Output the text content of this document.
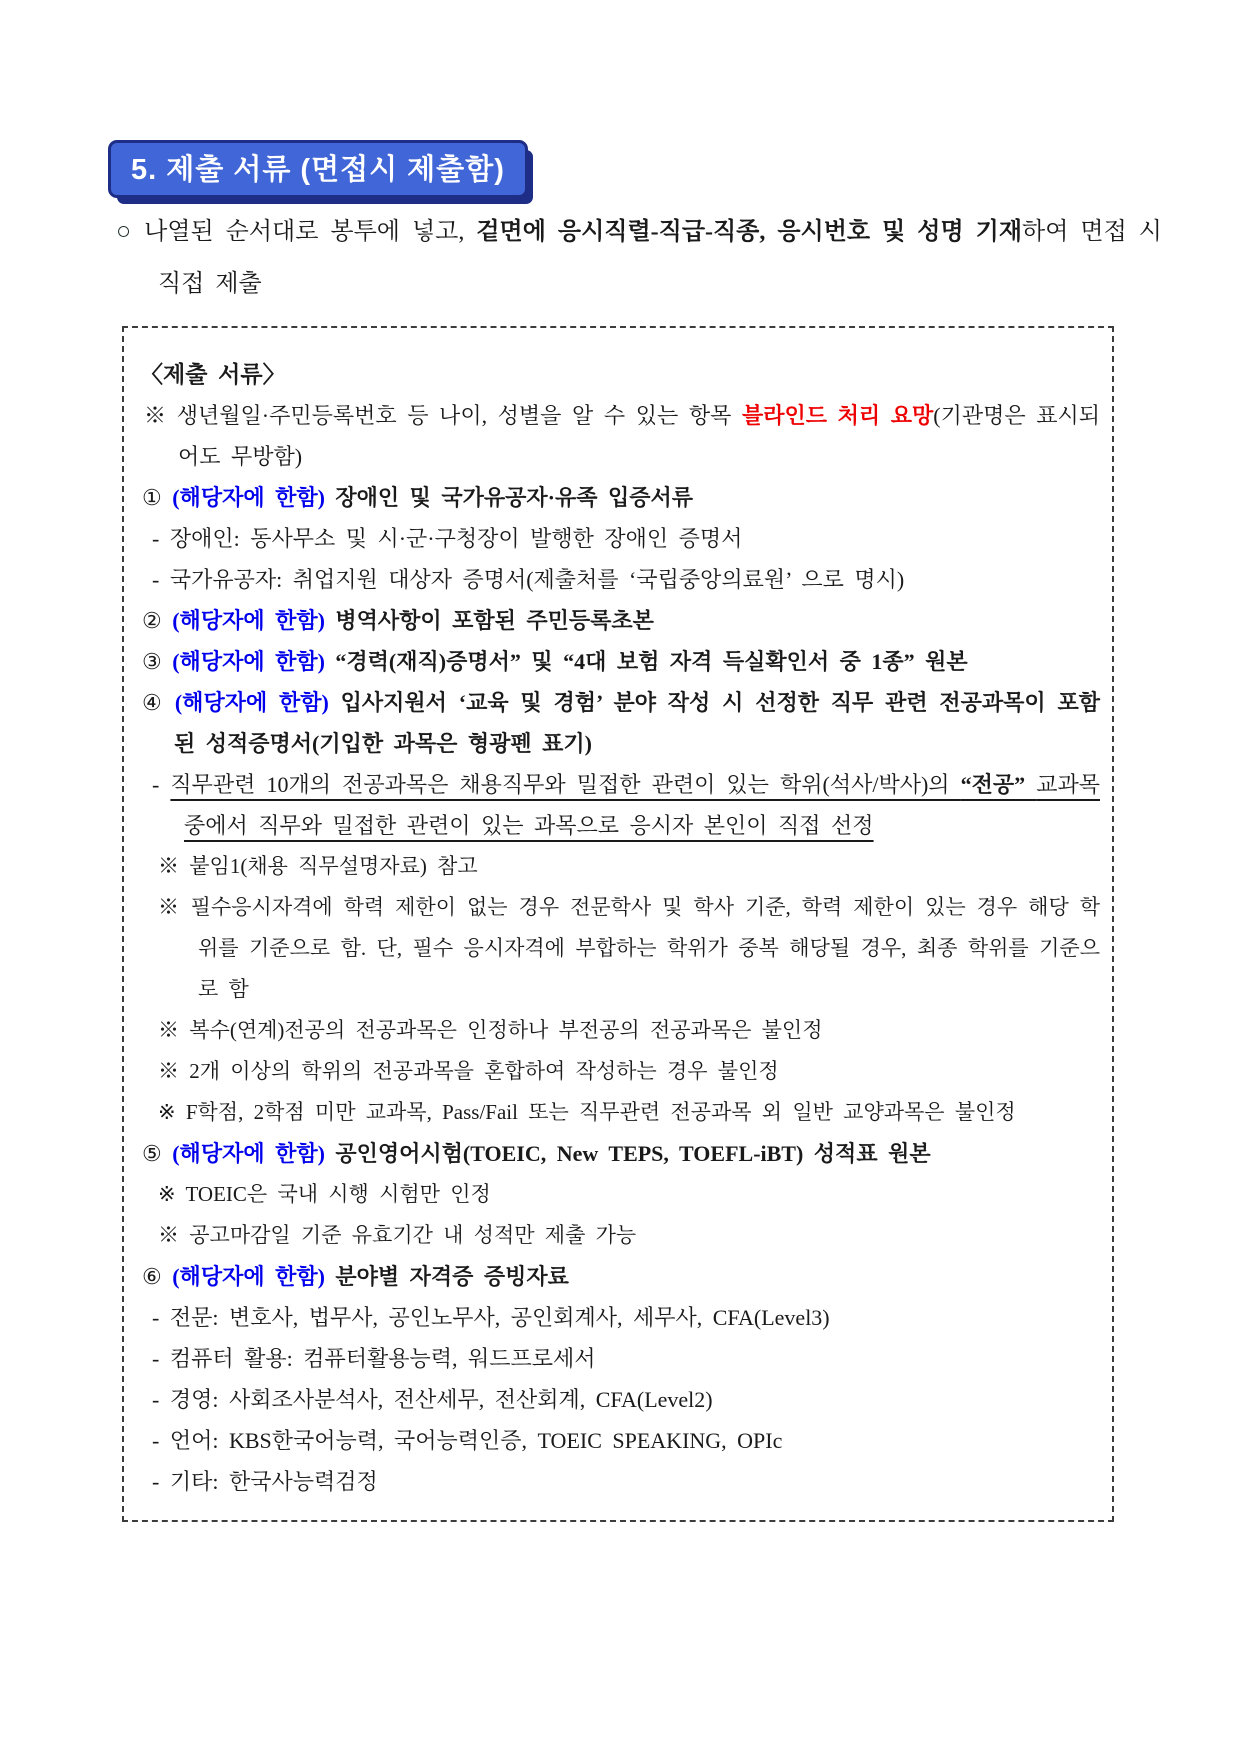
5. 제출 서류 (면접시 제출함)
○ 나열된 순서대로 봉투에 넣고, 겉면에 응시직렬-직급-직종, 응시번호 및 성명 기재하여 면접 시 직접 제출
〈제출 서류〉
※ 생년월일·주민등록번호 등 나이, 성별을 알 수 있는 항목 블라인드 처리 요망(기관명은 표시되어도 무방함)
① (해당자에 한함) 장애인 및 국가유공자·유족 입증서류
- 장애인: 동사무소 및 시·군·구청장이 발행한 장애인 증명서
- 국가유공자: 취업지원 대상자 증명서(제출처를 ‘국립중앙의료원’ 으로 명시)
② (해당자에 한함) 병역사항이 포함된 주민등록초본
③ (해당자에 한함) “경력(재직)증명서” 및 “4대 보험 자격 득실확인서 중 1종” 원본
④ (해당자에 한함) 입사지원서 ‘교육 및 경험’ 분야 작성 시 선정한 직무 관련 전공과목이 포함된 성적증명서(기입한 과목은 형광펜 표기)
- 직무관련 10개의 전공과목은 채용직무와 밀접한 관련이 있는 학위(석사/박사)의 “전공” 교과목 중에서 직무와 밀접한 관련이 있는 과목으로 응시자 본인이 직접 선정
※ 붙임1(채용 직무설명자료) 참고
※ 필수응시자격에 학력 제한이 없는 경우 전문학사 및 학사 기준, 학력 제한이 있는 경우 해당 학위를 기준으로 함. 단, 필수 응시자격에 부합하는 학위가 중복 해당될 경우, 최종 학위를 기준으로 함
※ 복수(연계)전공의 전공과목은 인정하나 부전공의 전공과목은 불인정
※ 2개 이상의 학위의 전공과목을 혼합하여 작성하는 경우 불인정
※ F학점, 2학점 미만 교과목, Pass/Fail 또는 직무관련 전공과목 외 일반 교양과목은 불인정
⑤ (해당자에 한함) 공인영어시험(TOEIC, New TEPS, TOEFL-iBT) 성적표 원본
※ TOEIC은 국내 시행 시험만 인정
※ 공고마감일 기준 유효기간 내 성적만 제출 가능
⑥ (해당자에 한함) 분야별 자격증 증빙자료
- 전문: 변호사, 법무사, 공인노무사, 공인회계사, 세무사, CFA(Level3)
- 컴퓨터 활용: 컴퓨터활용능력, 워드프로세서
- 경영: 사회조사분석사, 전산세무, 전산회계, CFA(Level2)
- 언어: KBS한국어능력, 국어능력인증, TOEIC SPEAKING, OPIc
- 기타: 한국사능력검정
